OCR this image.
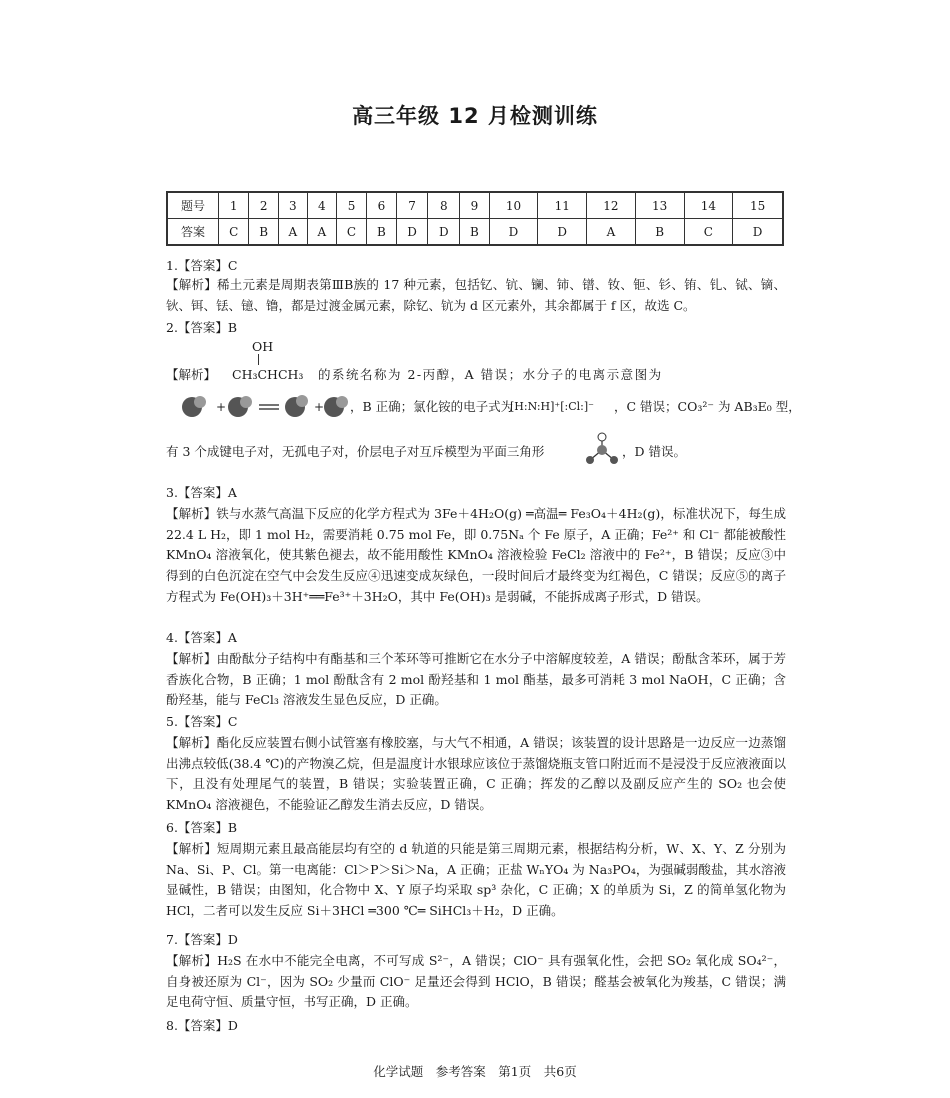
高三年级 12 月检测训练
题号	1	2	3	4	5	6	7	8	9	10	11	12	13	14	15
答案	C	B	A	A	C	B	D	D	B	D	D	A	B	C	D
1.【答案】C
【解析】稀土元素是周期表第ⅢB族的 17 种元素，包括钇、钪、镧、铈、镨、钕、钷、钐、铕、钆、铽、镝、钬、铒、铥、镱、镥，都是过渡金属元素，除钇、钪为 d 区元素外，其余都属于 f 区，故选 C。
2.【答案】B
OH
【解析】 CH₃CHCH₃ 的系统名称为 2-丙醇，A 错误；水分子的电离示意图为
+	+ ，B 正确；氯化铵的电子式为
[H:N:H]⁺[:Cl:]⁻ ，C 错误；CO₃²⁻ 为 AB₃E₀ 型，
有 3 个成键电子对，无孤电子对，价层电子对互斥模型为平面三角形	，D 错误。
3.【答案】A
【解析】铁与水蒸气高温下反应的化学方程式为 3Fe＋4H₂O(g) ═高温═ Fe₃O₄＋4H₂(g)，标准状况下，每生成 22.4 L H₂，即 1 mol H₂，需要消耗 0.75 mol Fe，即 0.75Nₐ 个 Fe 原子，A 正确；Fe²⁺ 和 Cl⁻ 都能被酸性 KMnO₄ 溶液氧化，使其紫色褪去，故不能用酸性 KMnO₄ 溶液检验 FeCl₂ 溶液中的 Fe²⁺，B 错误；反应③中得到的白色沉淀在空气中会发生反应④迅速变成灰绿色，一段时间后才最终变为红褐色，C 错误；反应⑤的离子方程式为 Fe(OH)₃＋3H⁺══Fe³⁺＋3H₂O，其中 Fe(OH)₃ 是弱碱，不能拆成离子形式，D 错误。
4.【答案】A
【解析】由酚酞分子结构中有酯基和三个苯环等可推断它在水分子中溶解度较差，A 错误；酚酞含苯环，属于芳香族化合物，B 正确；1 mol 酚酞含有 2 mol 酚羟基和 1 mol 酯基，最多可消耗 3 mol NaOH，C 正确；含酚羟基，能与 FeCl₃ 溶液发生显色反应，D 正确。
5.【答案】C
【解析】酯化反应装置右侧小试管塞有橡胶塞，与大气不相通，A 错误；该装置的设计思路是一边反应一边蒸馏出沸点较低(38.4 ℃)的产物溴乙烷，但是温度计水银球应该位于蒸馏烧瓶支管口附近而不是浸没于反应液液面以下，且没有处理尾气的装置，B 错误；实验装置正确，C 正确；挥发的乙醇以及副反应产生的 SO₂ 也会使 KMnO₄ 溶液褪色，不能验证乙醇发生消去反应，D 错误。
6.【答案】B
【解析】短周期元素且最高能层均有空的 d 轨道的只能是第三周期元素，根据结构分析，W、X、Y、Z 分别为 Na、Si、P、Cl。第一电离能：Cl＞P＞Si＞Na，A 正确；正盐 WₙYO₄ 为 Na₃PO₄，为强碱弱酸盐，其水溶液显碱性，B 错误；由图知，化合物中 X、Y 原子均采取 sp³ 杂化，C 正确；X 的单质为 Si，Z 的简单氢化物为 HCl，二者可以发生反应 Si＋3HCl ═300 ℃═ SiHCl₃＋H₂，D 正确。
7.【答案】D
【解析】H₂S 在水中不能完全电离，不可写成 S²⁻，A 错误；ClO⁻ 具有强氧化性，会把 SO₂ 氧化成 SO₄²⁻，自身被还原为 Cl⁻，因为 SO₂ 少量而 ClO⁻ 足量还会得到 HClO，B 错误；醛基会被氧化为羧基，C 错误；满足电荷守恒、质量守恒，书写正确，D 正确。
8.【答案】D
化学试题　参考答案　第1页　共6页
